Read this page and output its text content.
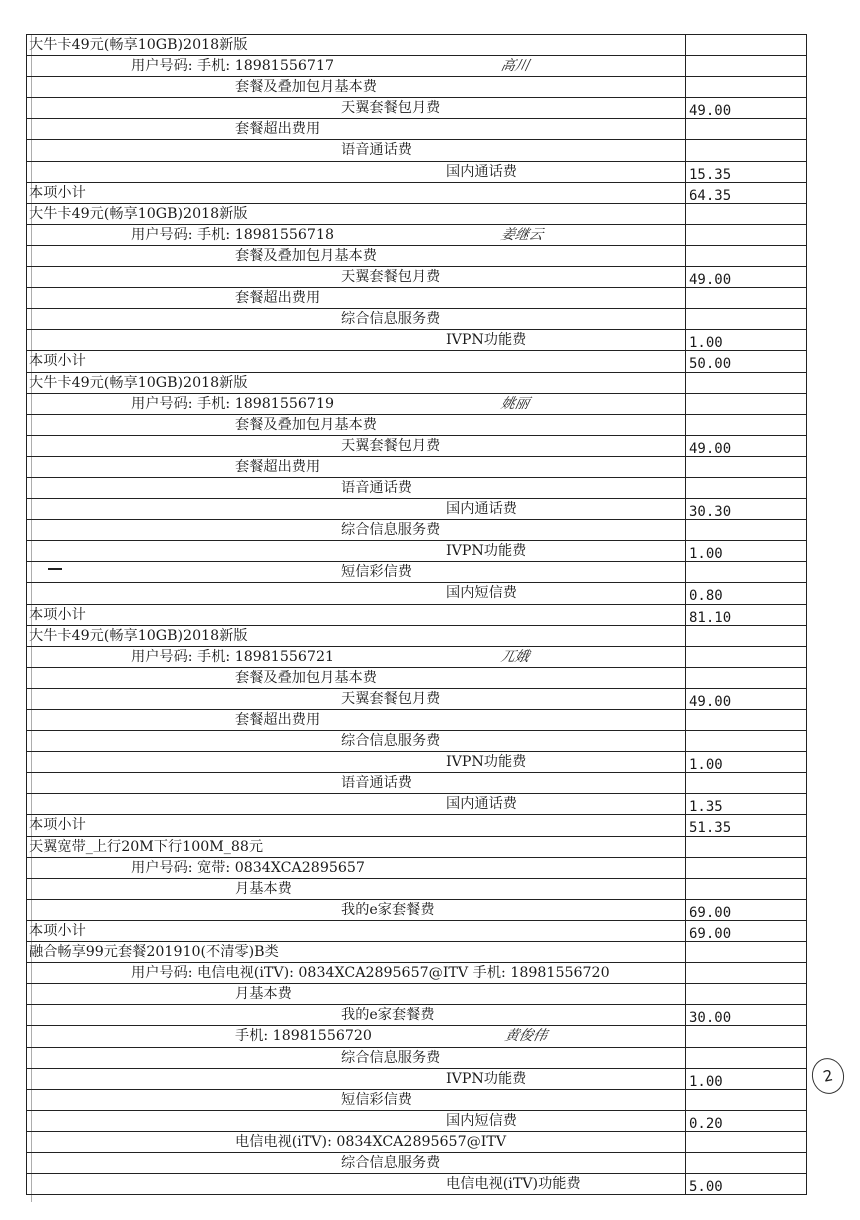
大牛卡49元(畅享10GB)2018新版
用户号码: 手机: 18981556717	高川
套餐及叠加包月基本费
天翼套餐包月费	49.00
套餐超出费用
语音通话费
国内通话费	15.35
本项小计	64.35
大牛卡49元(畅享10GB)2018新版
用户号码: 手机: 18981556718	姜继云
套餐及叠加包月基本费
天翼套餐包月费	49.00
套餐超出费用
综合信息服务费
IVPN功能费	1.00
本项小计	50.00
大牛卡49元(畅享10GB)2018新版
用户号码: 手机: 18981556719	姚丽
套餐及叠加包月基本费
天翼套餐包月费	49.00
套餐超出费用
语音通话费
国内通话费	30.30
综合信息服务费
IVPN功能费	1.00
短信彩信费
国内短信费	0.80
本项小计	81.10
大牛卡49元(畅享10GB)2018新版
用户号码: 手机: 18981556721	兀娥
套餐及叠加包月基本费
天翼套餐包月费	49.00
套餐超出费用
综合信息服务费
IVPN功能费	1.00
语音通话费
国内通话费	1.35
本项小计	51.35
天翼宽带_上行20M下行100M_88元
用户号码: 宽带: 0834XCA2895657
月基本费
我的e家套餐费	69.00
本项小计	69.00
融合畅享99元套餐201910(不清零)B类
用户号码: 电信电视(iTV): 0834XCA2895657@ITV 手机: 18981556720
月基本费
我的e家套餐费	30.00
手机: 18981556720	黄俊伟
综合信息服务费
IVPN功能费	1.00
短信彩信费
国内短信费	0.20
电信电视(iTV): 0834XCA2895657@ITV
综合信息服务费
电信电视(iTV)功能费	5.00
2
